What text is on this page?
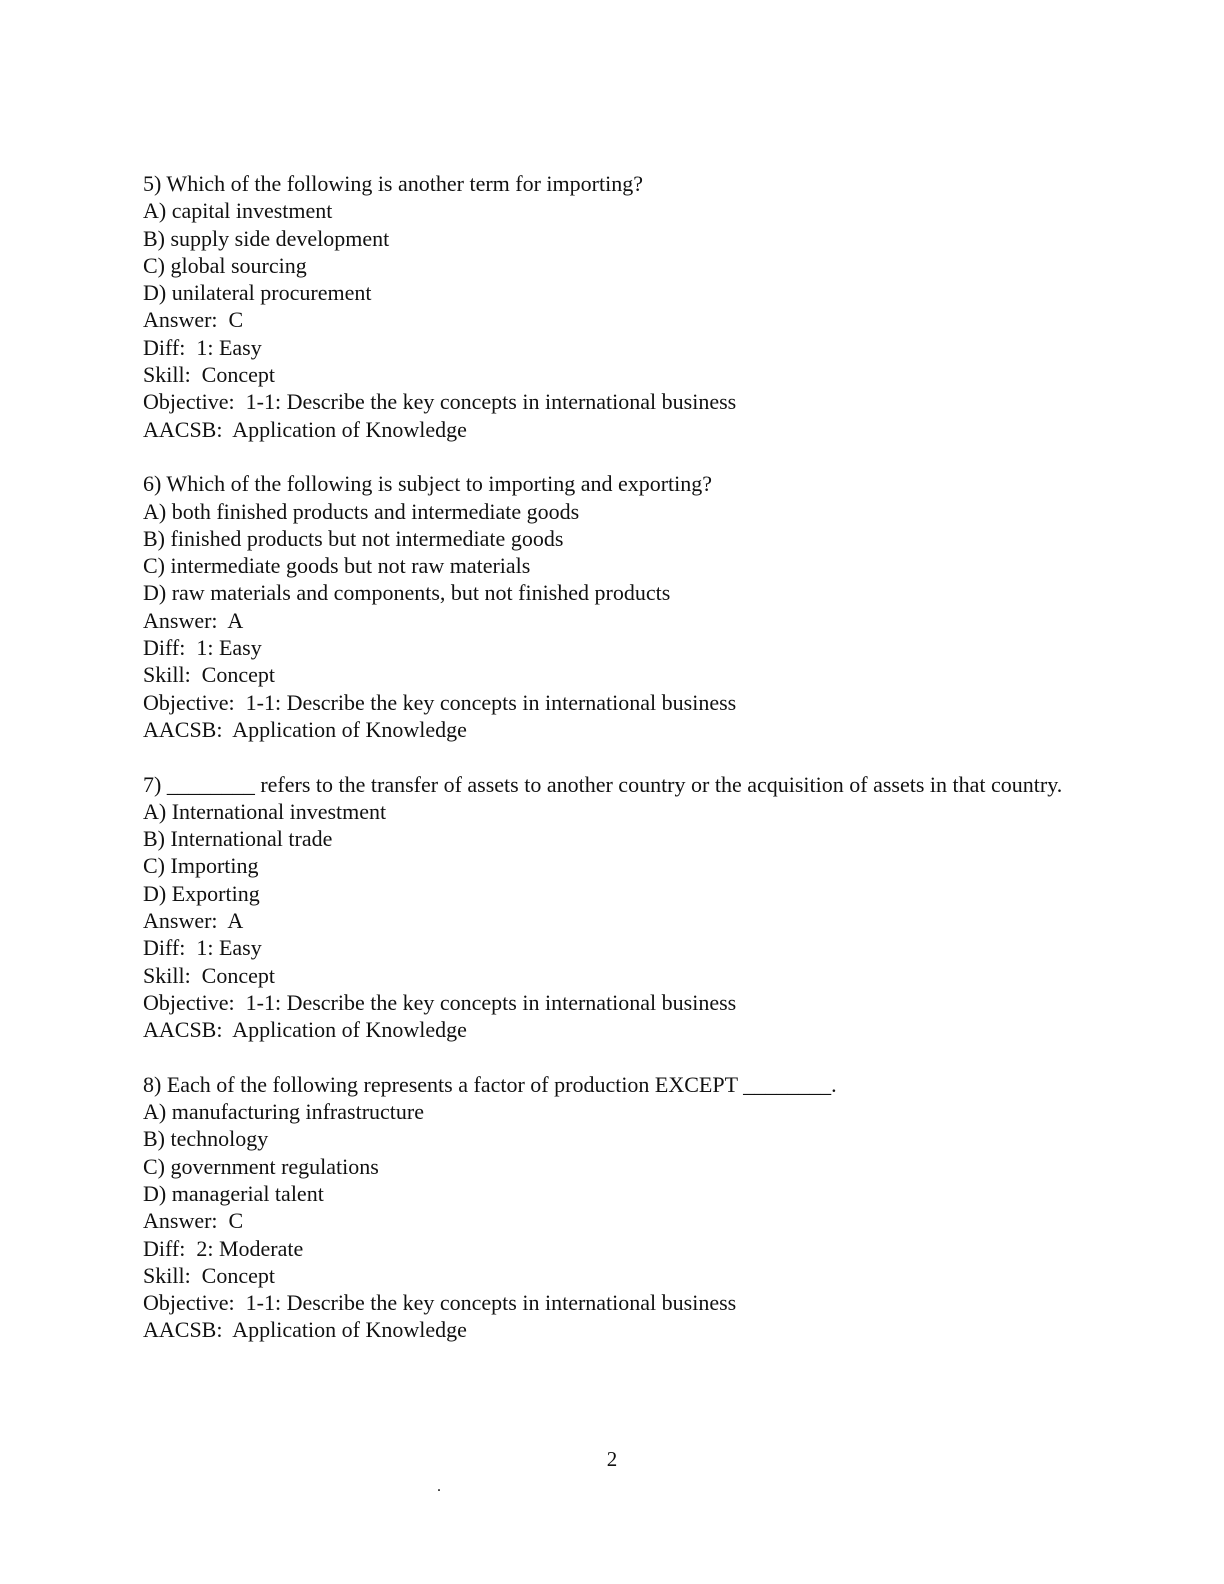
5) Which of the following is another term for importing?
A) capital investment
B) supply side development
C) global sourcing
D) unilateral procurement
Answer:  C
Diff:  1: Easy
Skill:  Concept
Objective:  1-1: Describe the key concepts in international business
AACSB:  Application of Knowledge
6) Which of the following is subject to importing and exporting?
A) both finished products and intermediate goods
B) finished products but not intermediate goods
C) intermediate goods but not raw materials
D) raw materials and components, but not finished products
Answer:  A
Diff:  1: Easy
Skill:  Concept
Objective:  1-1: Describe the key concepts in international business
AACSB:  Application of Knowledge
7) ________ refers to the transfer of assets to another country or the acquisition of assets in that country.
A) International investment
B) International trade
C) Importing
D) Exporting
Answer:  A
Diff:  1: Easy
Skill:  Concept
Objective:  1-1: Describe the key concepts in international business
AACSB:  Application of Knowledge
8) Each of the following represents a factor of production EXCEPT ________.
A) manufacturing infrastructure
B) technology
C) government regulations
D) managerial talent
Answer:  C
Diff:  2: Moderate
Skill:  Concept
Objective:  1-1: Describe the key concepts in international business
AACSB:  Application of Knowledge
2
.
